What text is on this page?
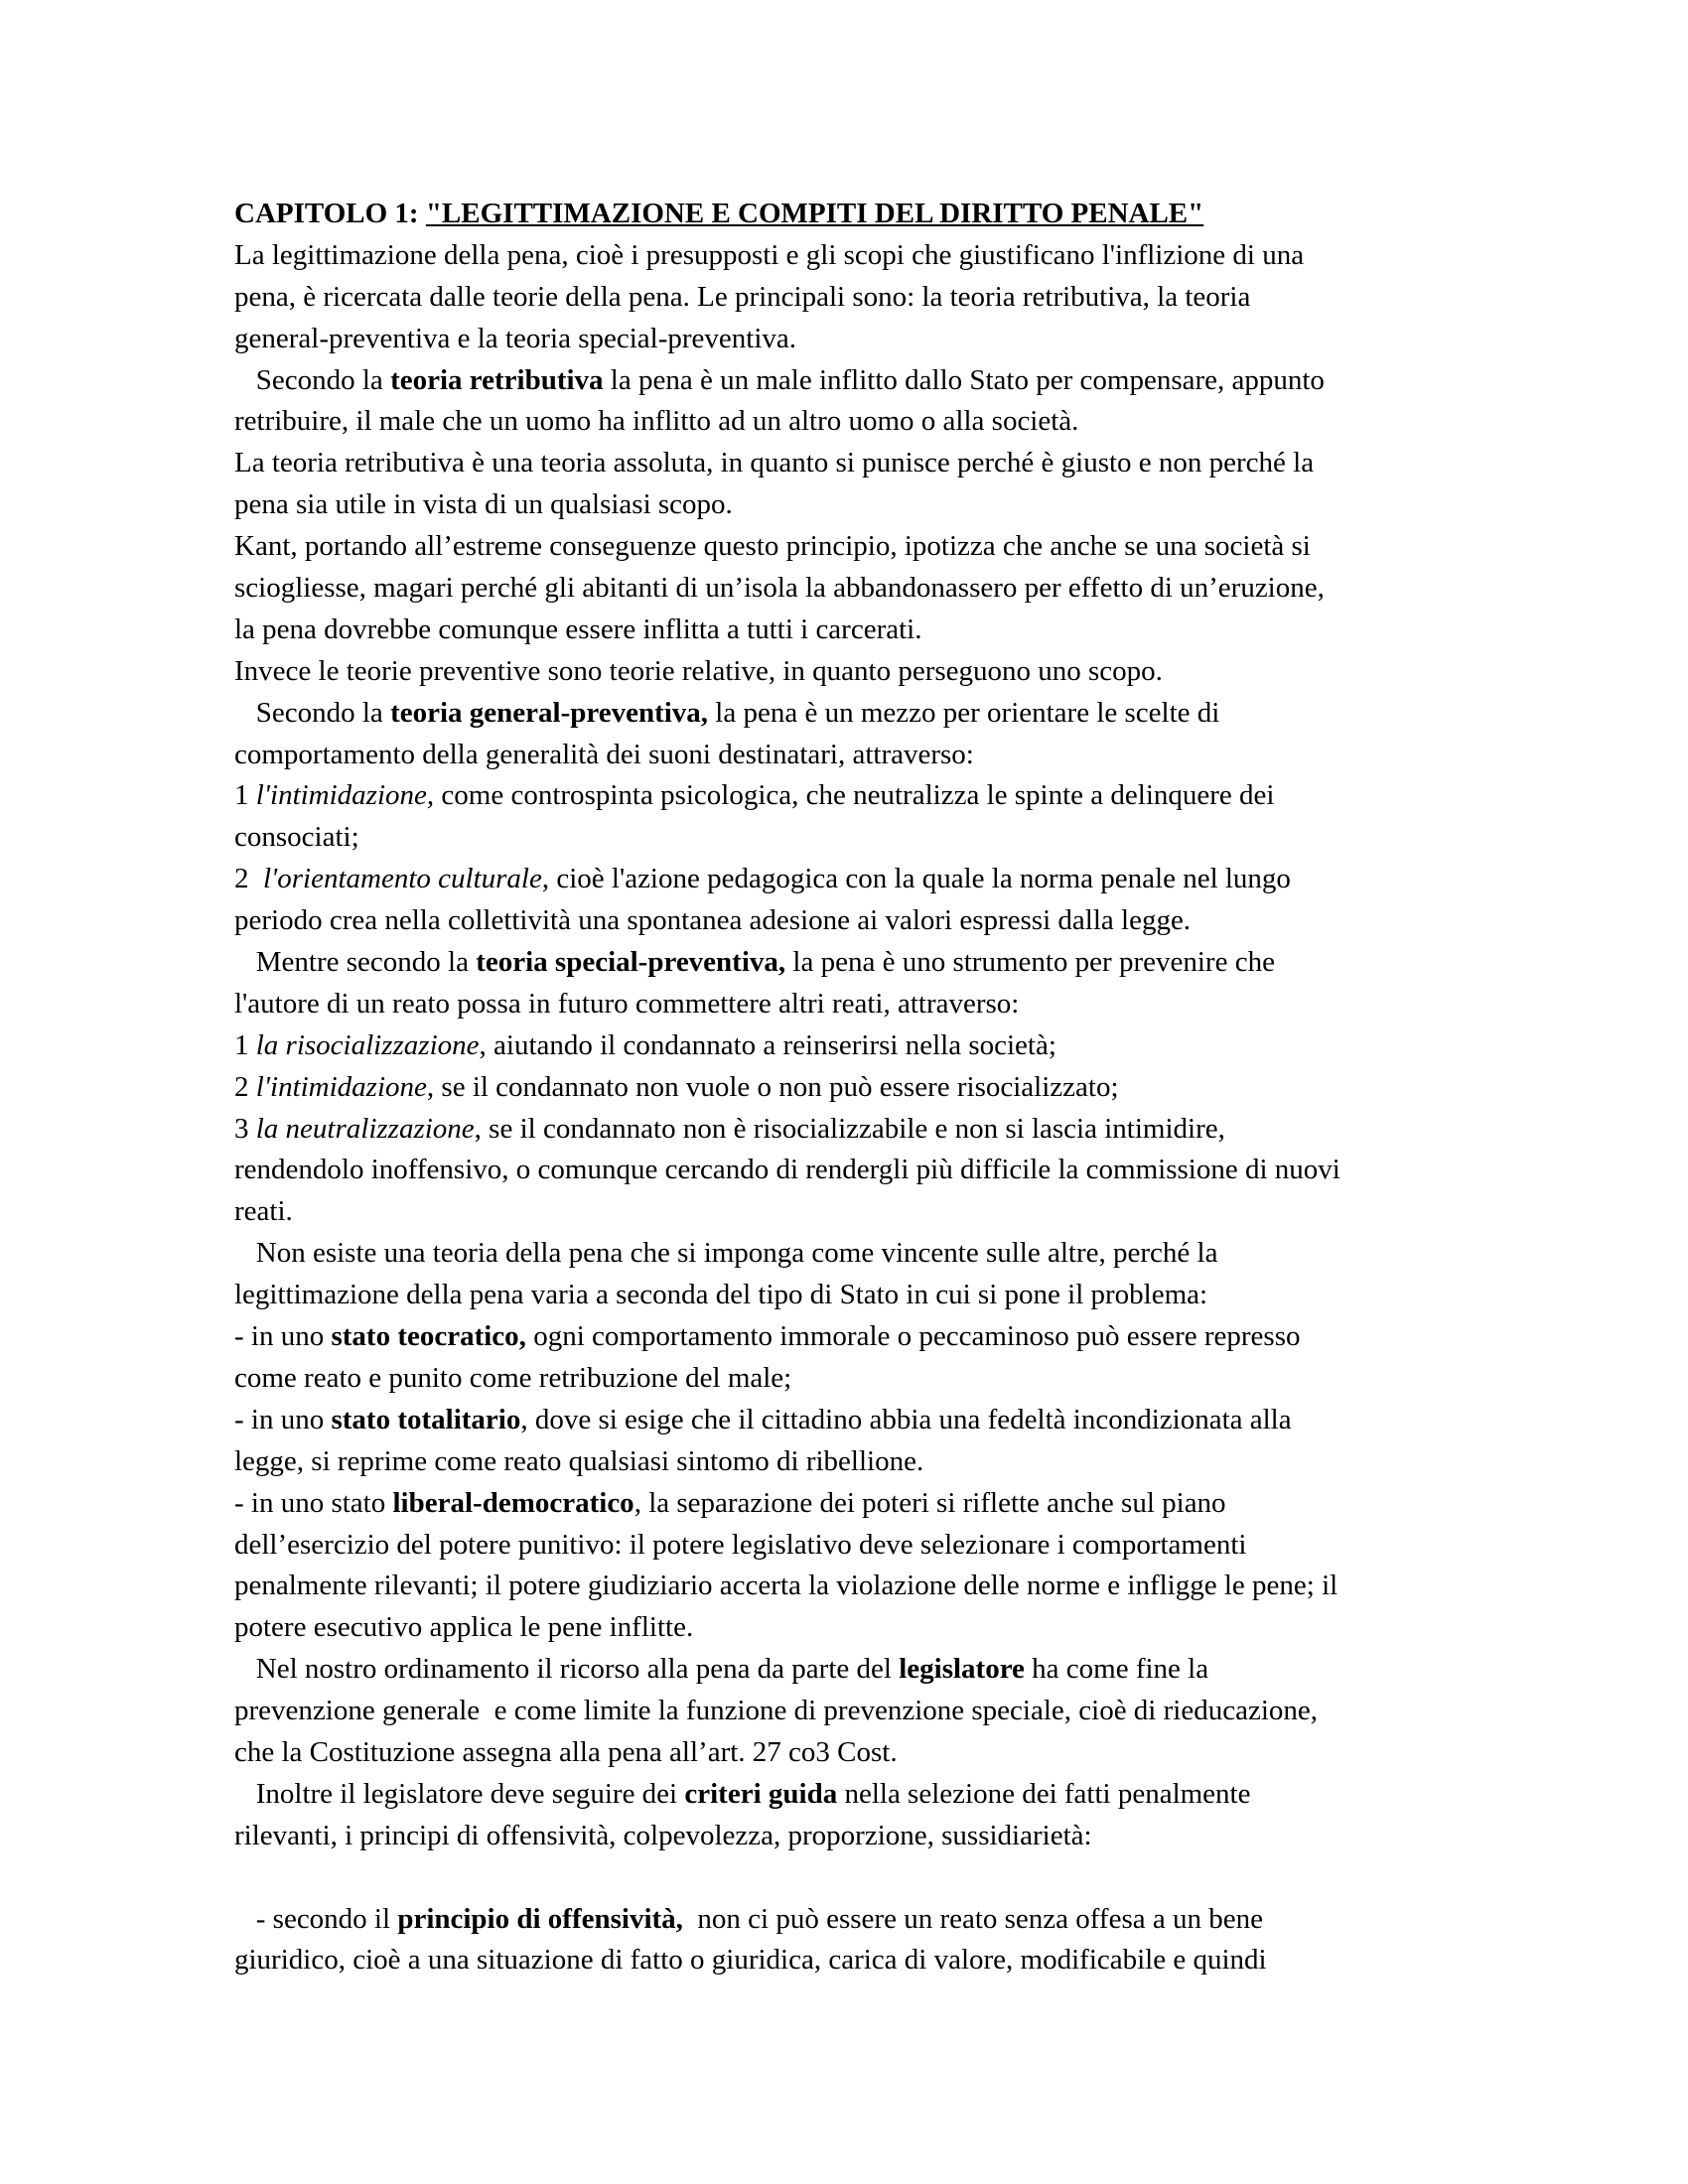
CAPITOLO 1: "LEGITTIMAZIONE E COMPITI DEL DIRITTO PENALE"
La legittimazione della pena, cioè i presupposti e gli scopi che giustificano l'inflizione di una
pena, è ricercata dalle teorie della pena. Le principali sono: la teoria retributiva, la teoria
general-preventiva e la teoria special-preventiva.
Secondo la teoria retributiva la pena è un male inflitto dallo Stato per compensare, appunto
retribuire, il male che un uomo ha inflitto ad un altro uomo o alla società.
La teoria retributiva è una teoria assoluta, in quanto si punisce perché è giusto e non perché la
pena sia utile in vista di un qualsiasi scopo.
Kant, portando all’estreme conseguenze questo principio, ipotizza che anche se una società si
sciogliesse, magari perché gli abitanti di un’isola la abbandonassero per effetto di un’eruzione,
la pena dovrebbe comunque essere inflitta a tutti i carcerati.
Invece le teorie preventive sono teorie relative, in quanto perseguono uno scopo.
Secondo la teoria general-preventiva, la pena è un mezzo per orientare le scelte di
comportamento della generalità dei suoni destinatari, attraverso:
1 l'intimidazione, come controspinta psicologica, che neutralizza le spinte a delinquere dei
consociati;
2  l'orientamento culturale, cioè l'azione pedagogica con la quale la norma penale nel lungo
periodo crea nella collettività una spontanea adesione ai valori espressi dalla legge.
Mentre secondo la teoria special-preventiva, la pena è uno strumento per prevenire che
l'autore di un reato possa in futuro commettere altri reati, attraverso:
1 la risocializzazione, aiutando il condannato a reinserirsi nella società;
2 l'intimidazione, se il condannato non vuole o non può essere risocializzato;
3 la neutralizzazione, se il condannato non è risocializzabile e non si lascia intimidire,
rendendolo inoffensivo, o comunque cercando di rendergli più difficile la commissione di nuovi
reati.
Non esiste una teoria della pena che si imponga come vincente sulle altre, perché la
legittimazione della pena varia a seconda del tipo di Stato in cui si pone il problema:
- in uno stato teocratico, ogni comportamento immorale o peccaminoso può essere represso
come reato e punito come retribuzione del male;
- in uno stato totalitario, dove si esige che il cittadino abbia una fedeltà incondizionata alla
legge, si reprime come reato qualsiasi sintomo di ribellione.
- in uno stato liberal-democratico, la separazione dei poteri si riflette anche sul piano
dell’esercizio del potere punitivo: il potere legislativo deve selezionare i comportamenti
penalmente rilevanti; il potere giudiziario accerta la violazione delle norme e infligge le pene; il
potere esecutivo applica le pene inflitte.
Nel nostro ordinamento il ricorso alla pena da parte del legislatore ha come fine la
prevenzione generale  e come limite la funzione di prevenzione speciale, cioè di rieducazione,
che la Costituzione assegna alla pena all’art. 27 co3 Cost.
Inoltre il legislatore deve seguire dei criteri guida nella selezione dei fatti penalmente
rilevanti, i principi di offensività, colpevolezza, proporzione, sussidiarietà:
- secondo il principio di offensività,  non ci può essere un reato senza offesa a un bene
giuridico, cioè a una situazione di fatto o giuridica, carica di valore, modificabile e quindi
